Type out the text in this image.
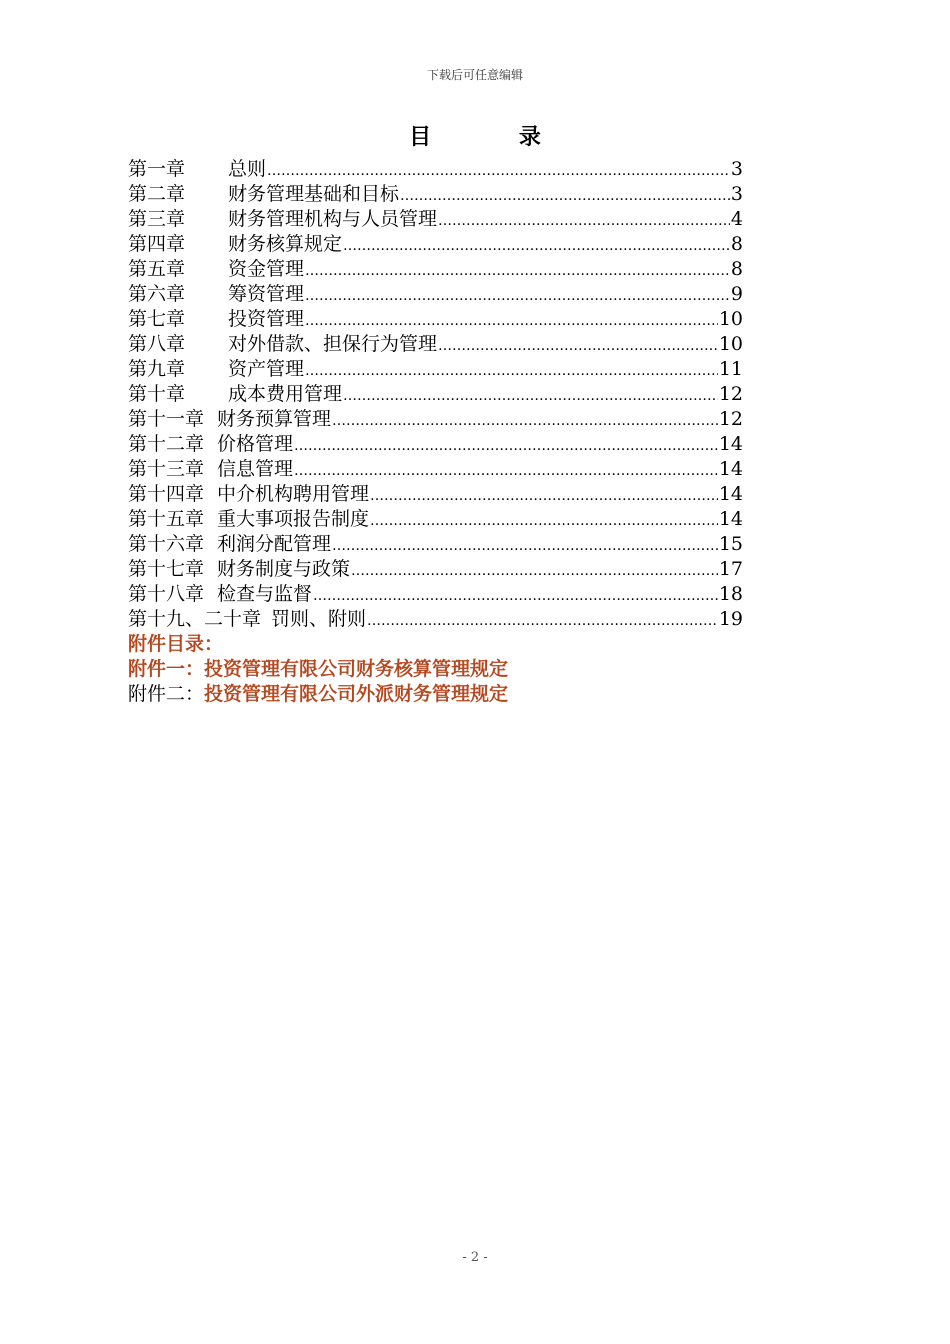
下载后可任意编辑
目 录
第一章	总则 ……………………………………………………………………………………………………………………………………………………………………………………………	3
第二章	财务管理基础和目标 ……………………………………………………………………………………………………………………………………………………………………………………………	3
第三章	财务管理机构与人员管理 ……………………………………………………………………………………………………………………………………………………………………………………………	4
第四章	财务核算规定 ……………………………………………………………………………………………………………………………………………………………………………………………	8
第五章	资金管理 ……………………………………………………………………………………………………………………………………………………………………………………………	8
第六章	筹资管理 ……………………………………………………………………………………………………………………………………………………………………………………………	9
第七章	投资管理 ……………………………………………………………………………………………………………………………………………………………………………………………	10
第八章	对外借款、担保行为管理 ……………………………………………………………………………………………………………………………………………………………………………………………	10
第九章	资产管理 ……………………………………………………………………………………………………………………………………………………………………………………………	11
第十章	成本费用管理 ……………………………………………………………………………………………………………………………………………………………………………………………	12
第十一章 财务预算管理 ……………………………………………………………………………………………………………………………………………………………………………………………	12
第十二章 价格管理 ……………………………………………………………………………………………………………………………………………………………………………………………	14
第十三章 信息管理 ……………………………………………………………………………………………………………………………………………………………………………………………	14
第十四章 中介机构聘用管理 ……………………………………………………………………………………………………………………………………………………………………………………………	14
第十五章 重大事项报告制度 ……………………………………………………………………………………………………………………………………………………………………………………………	14
第十六章 利润分配管理 ……………………………………………………………………………………………………………………………………………………………………………………………	15
第十七章 财务制度与政策 ……………………………………………………………………………………………………………………………………………………………………………………………	17
第十八章 检查与监督 ……………………………………………………………………………………………………………………………………………………………………………………………	18
第十九、二十章 罚则、附则 ……………………………………………………………………………………………………………………………………………………………………………………………	19
附件目录：
附件一：投资管理有限公司财务核算管理规定
附件二：投资管理有限公司外派财务管理规定
- 2 -
